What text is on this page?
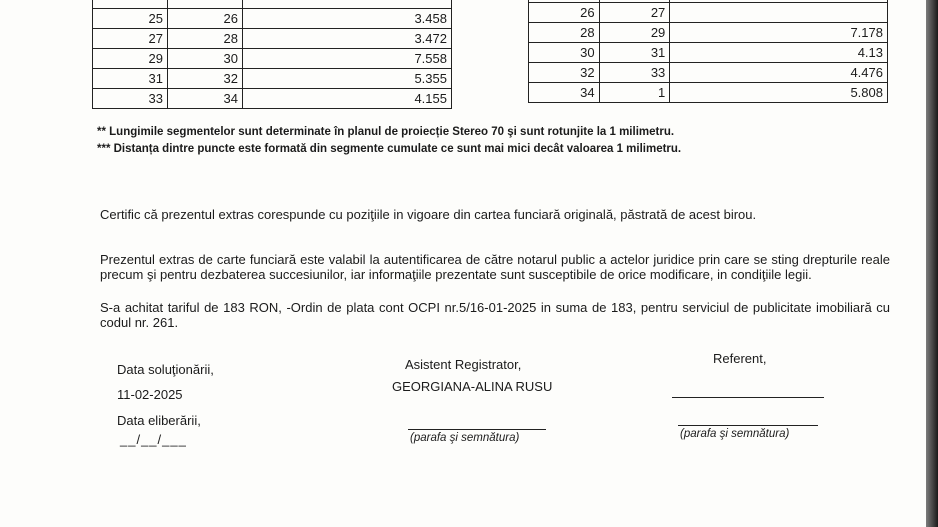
25	26	3.458
27	28	3.472
29	30	7.558
31	32	5.355
33	34	4.155

26	27	
28	29	7.178
30	31	4.13
32	33	4.476
34	1	5.808
** Lungimile segmentelor sunt determinate în planul de proiecție Stereo 70 şi sunt rotunjite la 1 milimetru.
*** Distanța dintre puncte este formată din segmente cumulate ce sunt mai mici decât valoarea 1 milimetru.
Certific că prezentul extras corespunde cu poziţiile in vigoare din cartea funciară originală, păstrată de acest birou.
Prezentul extras de carte funciară este valabil la autentificarea de către notarul public a actelor juridice prin care se sting drepturile reale precum şi pentru dezbaterea succesiunilor, iar informaţiile prezentate sunt susceptibile de orice modificare, in condiţiile legii.
S-a achitat tariful de 183 RON, -Ordin de plata cont OCPI nr.5/16-01-2025 in suma de 183, pentru serviciul de publicitate imobiliară cu codul nr. 261.
Data soluţionării,
11-02-2025
Data eliberării,
__/__/___
Asistent Registrator,
GEORGIANA-ALINA RUSU
(parafa şi semnătura)
Referent,
(parafa şi semnătura)
